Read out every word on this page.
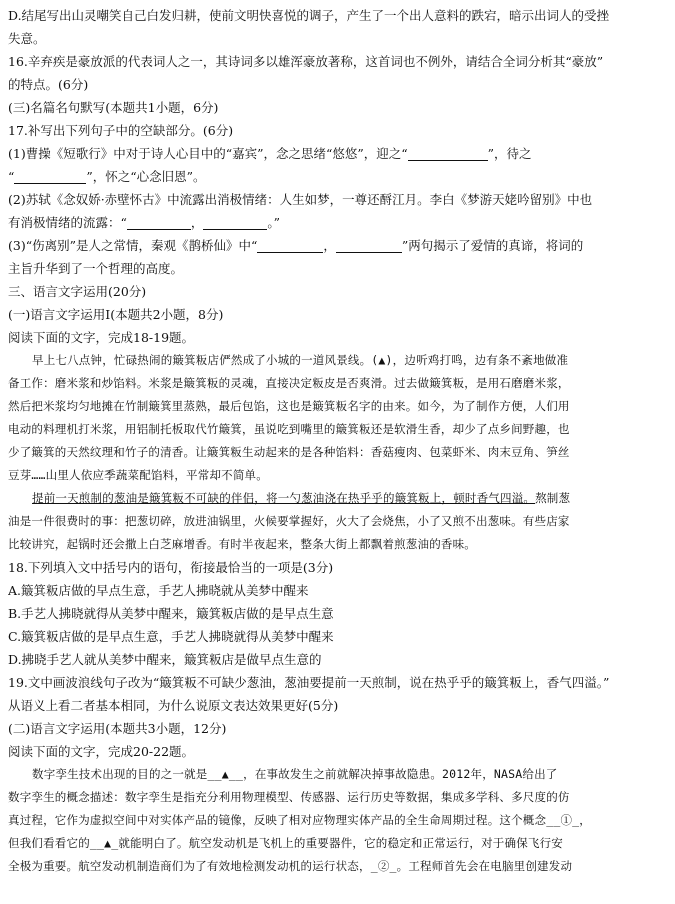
D.结尾写出山灵嘲笑自己白发归耕，使前文明快喜悦的调子，产生了一个出人意料的跌宕，暗示出词人的受挫
失意。
16.辛弃疾是豪放派的代表词人之一，其诗词多以雄浑豪放著称，这首词也不例外，请结合全词分析其“豪放”
的特点。(6分)
(三)名篇名句默写(本题共1小题，6分)
17.补写出下列句子中的空缺部分。(6分)
(1)曹操《短歌行》中对于诗人心目中的“嘉宾”，念之思绪“悠悠”，迎之“	”，待之
“	”，怀之“心念旧恩”。
(2)苏轼《念奴娇·赤壁怀古》中流露出消极情绪：人生如梦，一尊还酹江月。李白《梦游天姥吟留别》中也
有消极情绪的流露：“	，	。”
(3)“伤离别”是人之常情，秦观《鹊桥仙》中“	，	”两句揭示了爱情的真谛，将词的
主旨升华到了一个哲理的高度。
三、语言文字运用(20分)
(一)语言文字运用Ⅰ(本题共2小题，8分)
阅读下面的文字，完成18-19题。
早上七八点钟，忙碌热闹的簸箕粄店俨然成了小城的一道风景线。(▲)，边听鸡打鸣，边有条不紊地做准
备工作：磨米浆和炒馅料。米浆是簸箕粄的灵魂，直接决定粄皮是否爽滑。过去做簸箕粄，是用石磨磨米浆，
然后把米浆均匀地摊在竹制簸箕里蒸熟，最后包馅，这也是簸箕粄名字的由来。如今，为了制作方便，人们用
电动的料理机打米浆，用铝制托板取代竹簸箕，虽说吃到嘴里的簸箕粄还是软滑生香，却少了点乡间野趣，也
少了簸箕的天然纹理和竹子的清香。让簸箕粄生动起来的是各种馅料：香菇瘦肉、包菜虾米、肉末豆角、笋丝
豆芽……山里人依应季蔬菜配馅料，平常却不简单。
提前一天煎制的葱油是簸箕粄不可缺的伴侣，将一勺葱油浇在热乎乎的簸箕粄上，顿时香气四溢。熬制葱
油是一件很费时的事：把葱切碎，放进油锅里，火候要掌握好，火大了会烧焦，小了又煎不出葱味。有些店家
比较讲究，起锅时还会撒上白芝麻增香。有时半夜起来，整条大街上都飘着煎葱油的香味。
18.下列填入文中括号内的语句，衔接最恰当的一项是(3分)
A.簸箕粄店做的早点生意，手艺人拂晓就从美梦中醒来
B.手艺人拂晓就得从美梦中醒来，簸箕粄店做的是早点生意
C.簸箕粄店做的是早点生意，手艺人拂晓就得从美梦中醒来
D.拂晓手艺人就从美梦中醒来，簸箕粄店是做早点生意的
19.文中画波浪线句子改为“簸箕粄不可缺少葱油，葱油要提前一天煎制，说在热乎乎的簸箕粄上，香气四溢。”
从语义上看二者基本相同，为什么说原文表达效果更好(5分)
(二)语言文字运用(本题共3小题，12分)
阅读下面的文字，完成20-22题。
数字孪生技术出现的目的之一就是__▲__，在事故发生之前就解决掉事故隐患。2012年，NASA给出了
数字孪生的概念描述：数字孪生是指充分利用物理模型、传感器、运行历史等数据，集成多学科、多尺度的仿
真过程，它作为虚拟空间中对实体产品的镜像，反映了相对应物理实体产品的全生命周期过程。这个概念__①_，
但我们看看它的__▲_就能明白了。航空发动机是飞机上的重要器件，它的稳定和正常运行，对于确保飞行安
全极为重要。航空发动机制造商们为了有效地检测发动机的运行状态，_②_。工程师首先会在电脑里创建发动
